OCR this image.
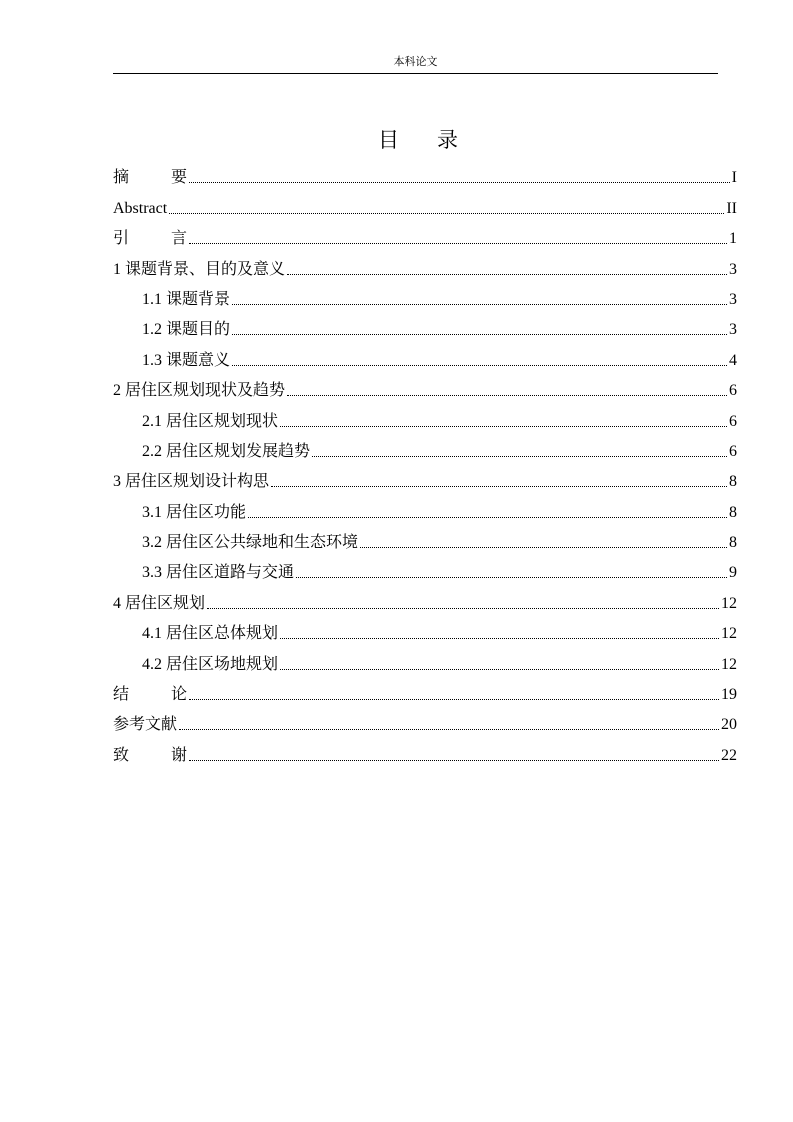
本科论文
目 录
摘	要	I
Abstract	II
引	言	1
1 课题背景、目的及意义	3
1.1 课题背景	3
1.2 课题目的	3
1.3 课题意义	4
2 居住区规划现状及趋势	6
2.1 居住区规划现状	6
2.2 居住区规划发展趋势	6
3 居住区规划设计构思	8
3.1 居住区功能	8
3.2 居住区公共绿地和生态环境	8
3.3 居住区道路与交通	9
4 居住区规划	12
4.1 居住区总体规划	12
4.2 居住区场地规划	12
结	论	19
参考文献	20
致	谢	22
